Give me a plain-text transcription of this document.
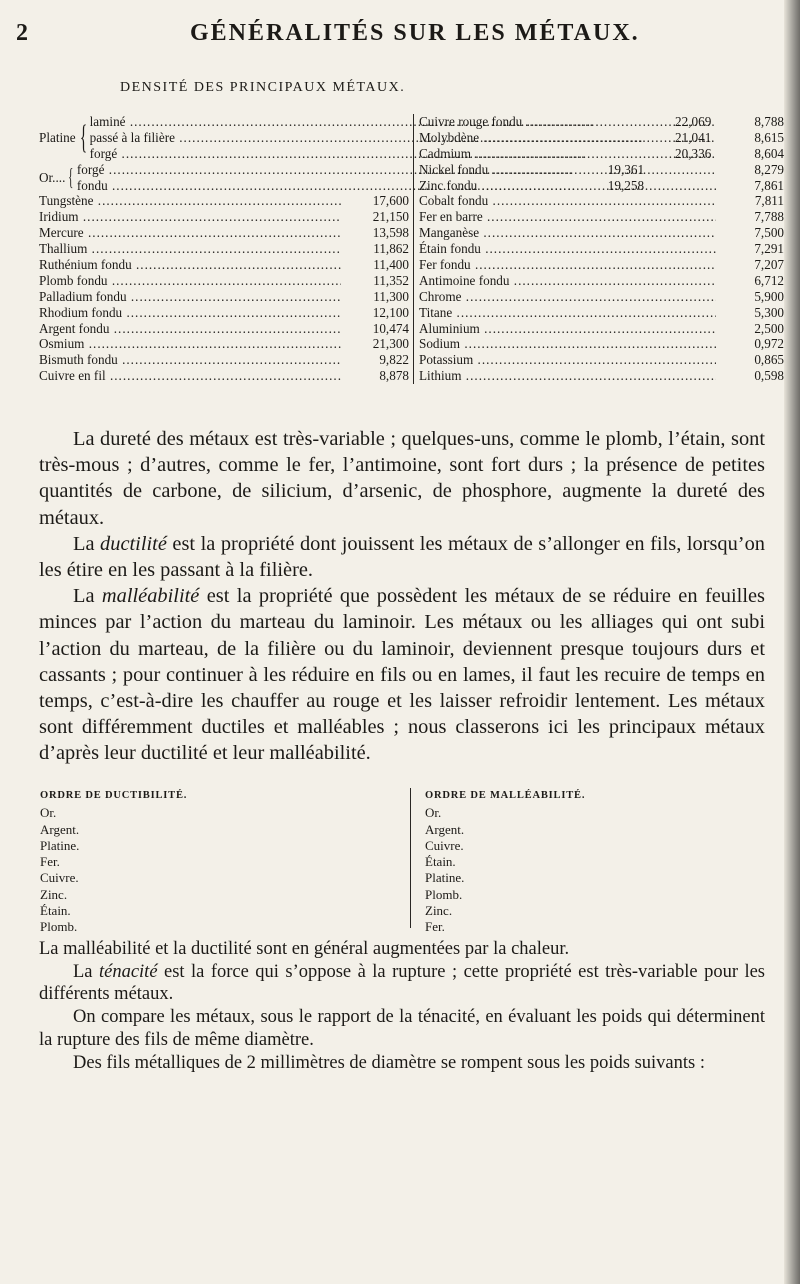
2	GÉNÉRALITÉS SUR LES MÉTAUX.
DENSITÉ DES PRINCIPAUX MÉTAUX.
Platine { laminé .....	22,069
passé à la filière .....	21,041
forgé .....	20,336
Or.... { forgé .....	19,361
fondu .....	19,258
Tungstène .....	17,600
Iridium .....	21,150
Mercure .....	13,598
Thallium .....	11,862
Ruthénium fondu .....	11,400
Plomb fondu .....	11,352
Palladium fondu .....	11,300
Rhodium fondu .....	12,100
Argent fondu .....	10,474
Osmium .....	21,300
Bismuth fondu .....	9,822
Cuivre en fil .....	8,878
Cuivre rouge fondu .....	8,788
Molybdène .....	8,615
Cadmium .....	8,604
Nickel fondu .....	8,279
Zinc fondu .....	7,861
Cobalt fondu .....	7,811
Fer en barre .....	7,788
Manganèse .....	7,500
Étain fondu .....	7,291
Fer fondu .....	7,207
Antimoine fondu .....	6,712
Chrome .....	5,900
Titane .....	5,300
Aluminium .....	2,500
Sodium .....	0,972
Potassium .....	0,865
Lithium .....	0,598

La dureté des métaux est très-variable ; quelques-uns, comme le plomb, l’étain, sont très-mous ; d’autres, comme le fer, l’antimoine, sont fort durs ; la présence de petites quantités de carbone, de silicium, d’arsenic, de phosphore, augmente la dureté des métaux.

La ductilité est la propriété dont jouissent les métaux de s’allonger en fils, lorsqu’on les étire en les passant à la filière.

La malléabilité est la propriété que possèdent les métaux de se réduire en feuilles minces par l’action du marteau du laminoir. Les métaux ou les alliages qui ont subi l’action du marteau, de la filière ou du laminoir, deviennent presque toujours durs et cassants ; pour continuer à les réduire en fils ou en lames, il faut les recuire de temps en temps, c’est-à-dire les chauffer au rouge et les laisser refroidir lentement. Les métaux sont différemment ductiles et malléables ; nous classerons ici les principaux métaux d’après leur ductilité et leur malléabilité.

ORDRE DE DUCTIBILITÉ.
Or.
Argent.
Platine.
Fer.
Cuivre.
Zinc.
Étain.
Plomb.
ORDRE DE MALLÉABILITÉ.
Or.
Argent.
Cuivre.
Étain.
Platine.
Plomb.
Zinc.
Fer.

La malléabilité et la ductilité sont en général augmentées par la chaleur.

La ténacité est la force qui s’oppose à la rupture ; cette propriété est très-variable pour les différents métaux.

On compare les métaux, sous le rapport de la ténacité, en évaluant les poids qui déterminent la rupture des fils de même diamètre.

Des fils métalliques de 2 millimètres de diamètre se rompent sous les poids suivants :
